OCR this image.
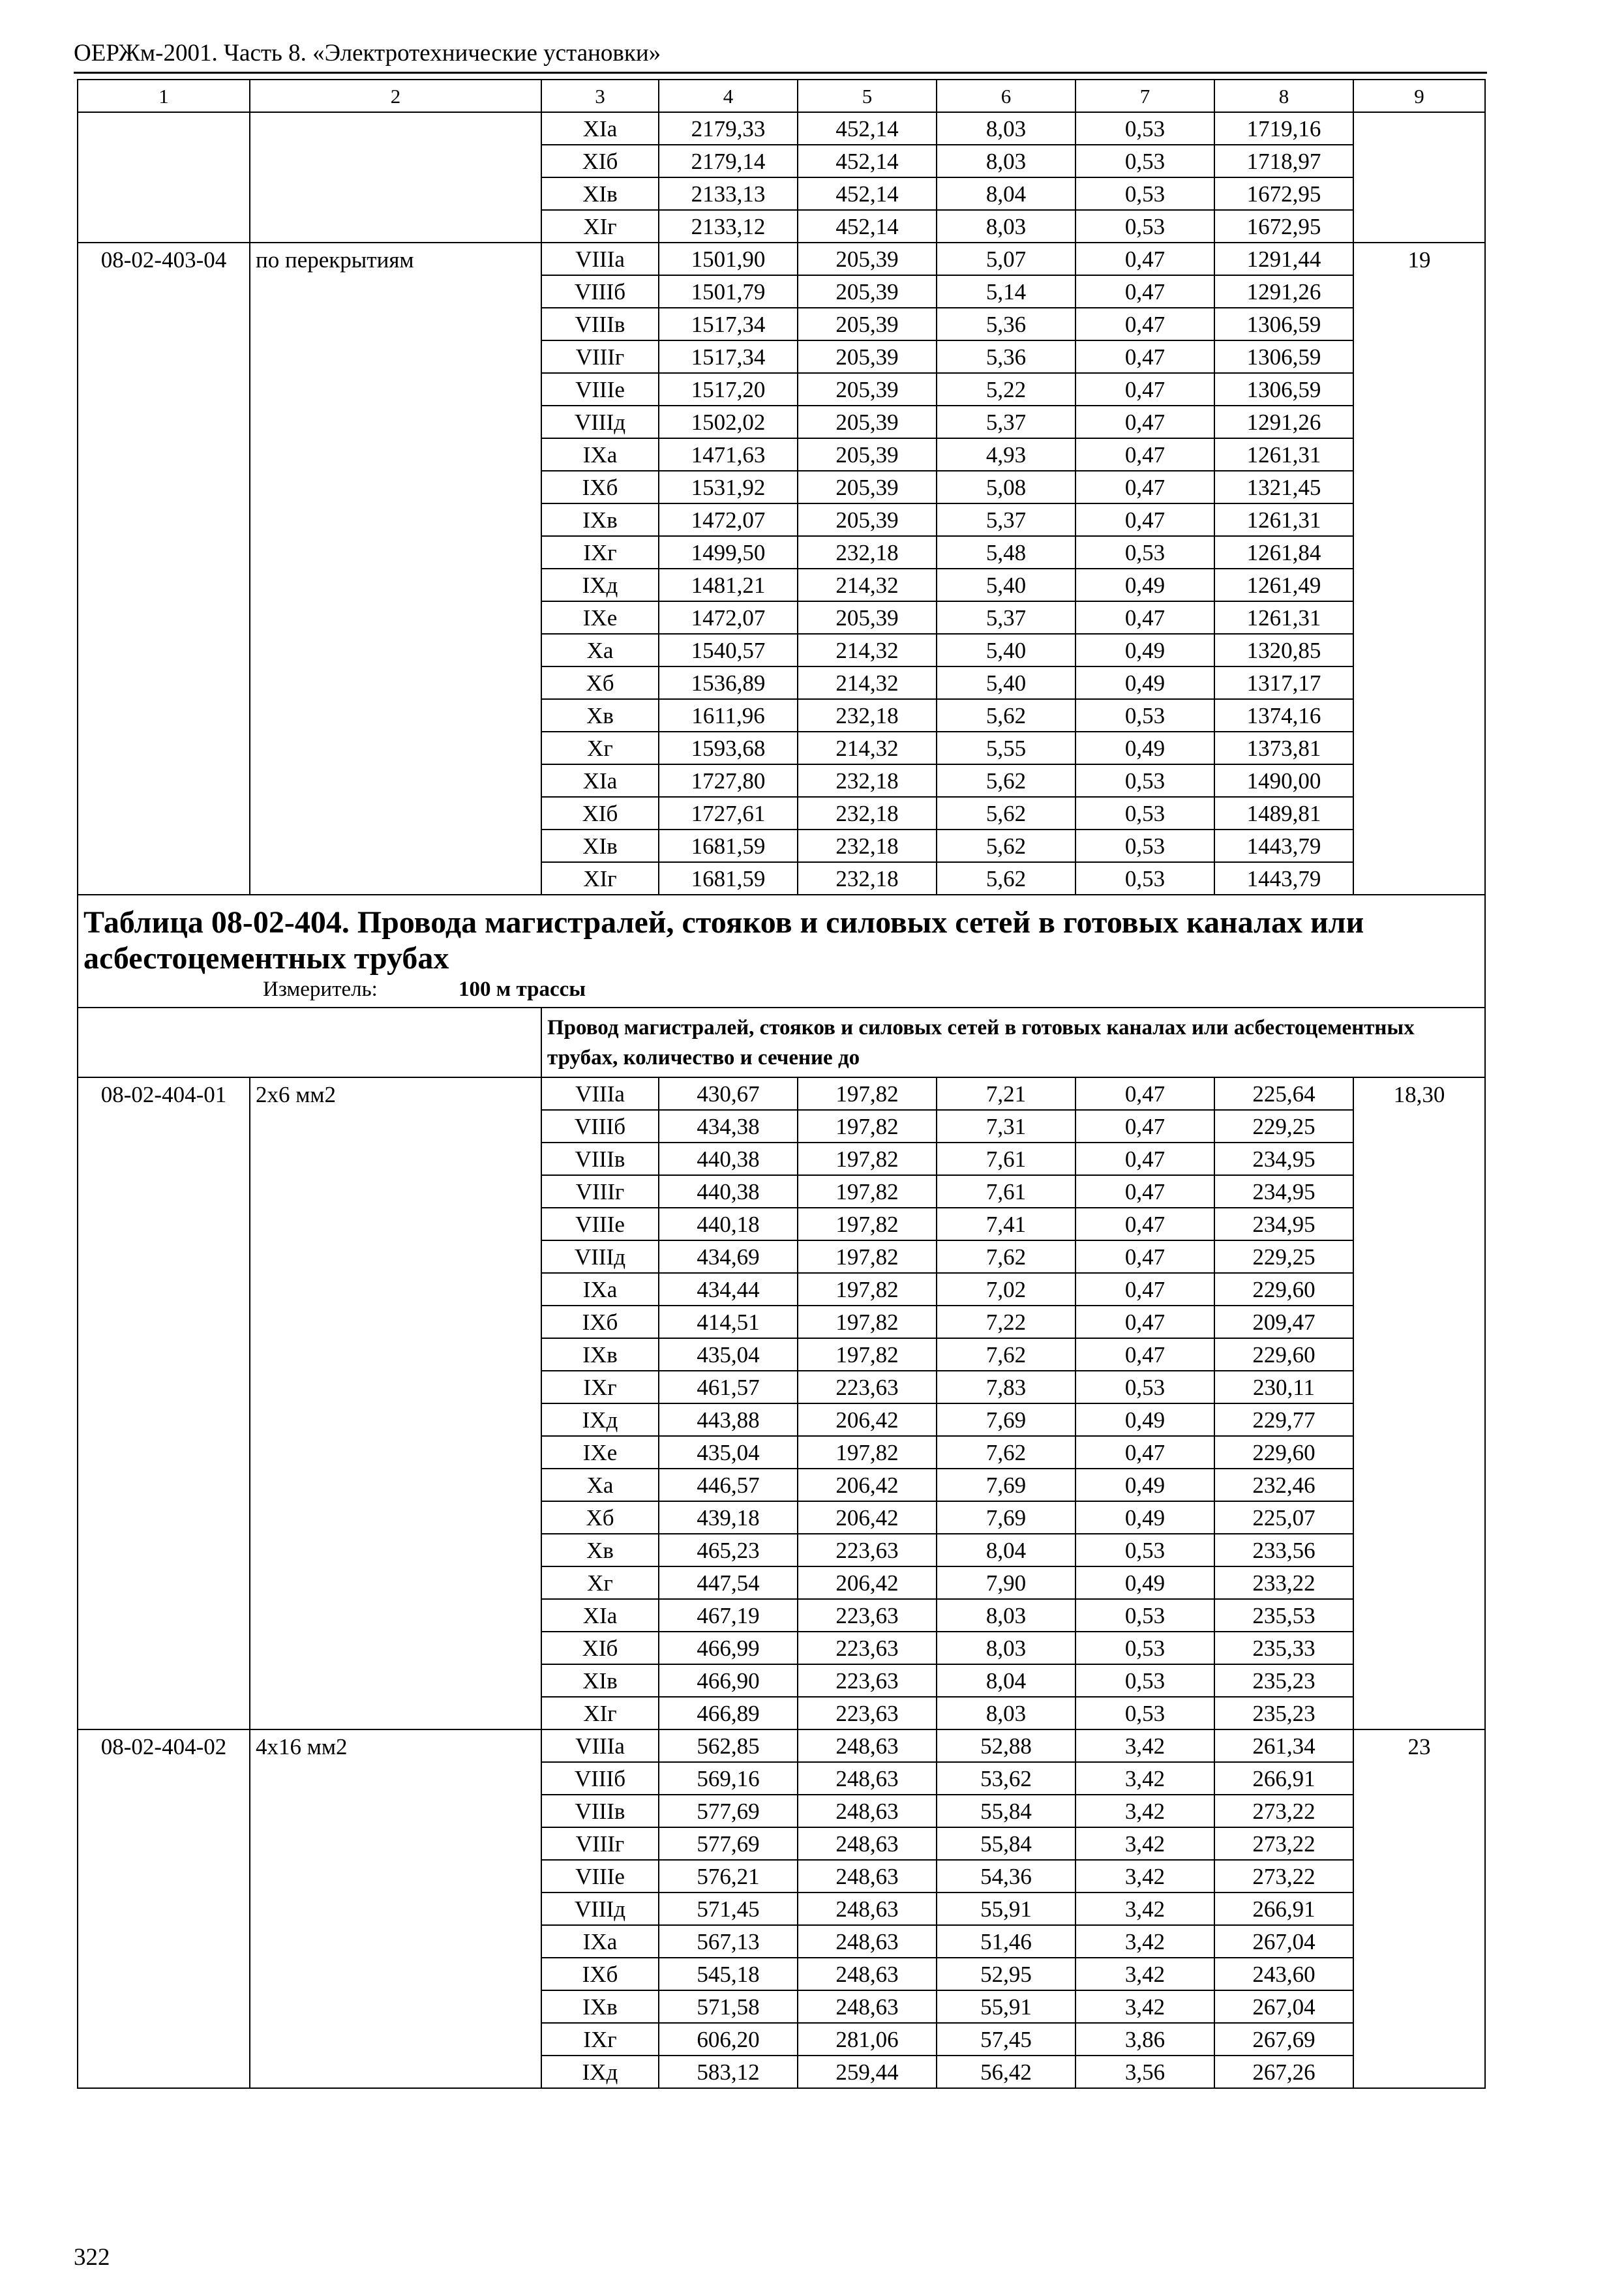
ОЕРЖм-2001. Часть 8. «Электротехнические установки»
1	2	3	4	5	6	7	8	9
		XIа	2179,33	452,14	8,03	0,53	1719,16	
		XIб	2179,14	452,14	8,03	0,53	1718,97	
		XIв	2133,13	452,14	8,04	0,53	1672,95	
		XIг	2133,12	452,14	8,03	0,53	1672,95	
08-02-403-04	по перекрытиям	VIIIа	1501,90	205,39	5,07	0,47	1291,44	19
		VIIIб	1501,79	205,39	5,14	0,47	1291,26	
		VIIIв	1517,34	205,39	5,36	0,47	1306,59	
		VIIIг	1517,34	205,39	5,36	0,47	1306,59	
		VIIIе	1517,20	205,39	5,22	0,47	1306,59	
		VIIIд	1502,02	205,39	5,37	0,47	1291,26	
		IXа	1471,63	205,39	4,93	0,47	1261,31	
		IXб	1531,92	205,39	5,08	0,47	1321,45	
		IXв	1472,07	205,39	5,37	0,47	1261,31	
		IXг	1499,50	232,18	5,48	0,53	1261,84	
		IXд	1481,21	214,32	5,40	0,49	1261,49	
		IXе	1472,07	205,39	5,37	0,47	1261,31	
		Xа	1540,57	214,32	5,40	0,49	1320,85	
		Xб	1536,89	214,32	5,40	0,49	1317,17	
		Xв	1611,96	232,18	5,62	0,53	1374,16	
		Xг	1593,68	214,32	5,55	0,49	1373,81	
		XIа	1727,80	232,18	5,62	0,53	1490,00	
		XIб	1727,61	232,18	5,62	0,53	1489,81	
		XIв	1681,59	232,18	5,62	0,53	1443,79	
		XIг	1681,59	232,18	5,62	0,53	1443,79	

Таблица 08-02-404. Провода магистралей, стояков и силовых сетей в готовых каналах или асбестоцементных трубах
Измеритель: 100 м трассы								

		Провод магистралей, стояков и силовых сетей в готовых каналах или асбестоцементных трубах, количество и сечение до						
08-02-404-01	2х6 мм2	VIIIа	430,67	197,82	7,21	0,47	225,64	18,30
		VIIIб	434,38	197,82	7,31	0,47	229,25	
		VIIIв	440,38	197,82	7,61	0,47	234,95	
		VIIIг	440,38	197,82	7,61	0,47	234,95	
		VIIIе	440,18	197,82	7,41	0,47	234,95	
		VIIIд	434,69	197,82	7,62	0,47	229,25	
		IXа	434,44	197,82	7,02	0,47	229,60	
		IXб	414,51	197,82	7,22	0,47	209,47	
		IXв	435,04	197,82	7,62	0,47	229,60	
		IXг	461,57	223,63	7,83	0,53	230,11	
		IXд	443,88	206,42	7,69	0,49	229,77	
		IXе	435,04	197,82	7,62	0,47	229,60	
		Xа	446,57	206,42	7,69	0,49	232,46	
		Xб	439,18	206,42	7,69	0,49	225,07	
		Xв	465,23	223,63	8,04	0,53	233,56	
		Xг	447,54	206,42	7,90	0,49	233,22	
		XIа	467,19	223,63	8,03	0,53	235,53	
		XIб	466,99	223,63	8,03	0,53	235,33	
		XIв	466,90	223,63	8,04	0,53	235,23	
		XIг	466,89	223,63	8,03	0,53	235,23	
08-02-404-02	4х16 мм2	VIIIа	562,85	248,63	52,88	3,42	261,34	23
		VIIIб	569,16	248,63	53,62	3,42	266,91	
		VIIIв	577,69	248,63	55,84	3,42	273,22	
		VIIIг	577,69	248,63	55,84	3,42	273,22	
		VIIIе	576,21	248,63	54,36	3,42	273,22	
		VIIIд	571,45	248,63	55,91	3,42	266,91	
		IXа	567,13	248,63	51,46	3,42	267,04	
		IXб	545,18	248,63	52,95	3,42	243,60	
		IXв	571,58	248,63	55,91	3,42	267,04	
		IXг	606,20	281,06	57,45	3,86	267,69	
		IXд	583,12	259,44	56,42	3,56	267,26	
322
